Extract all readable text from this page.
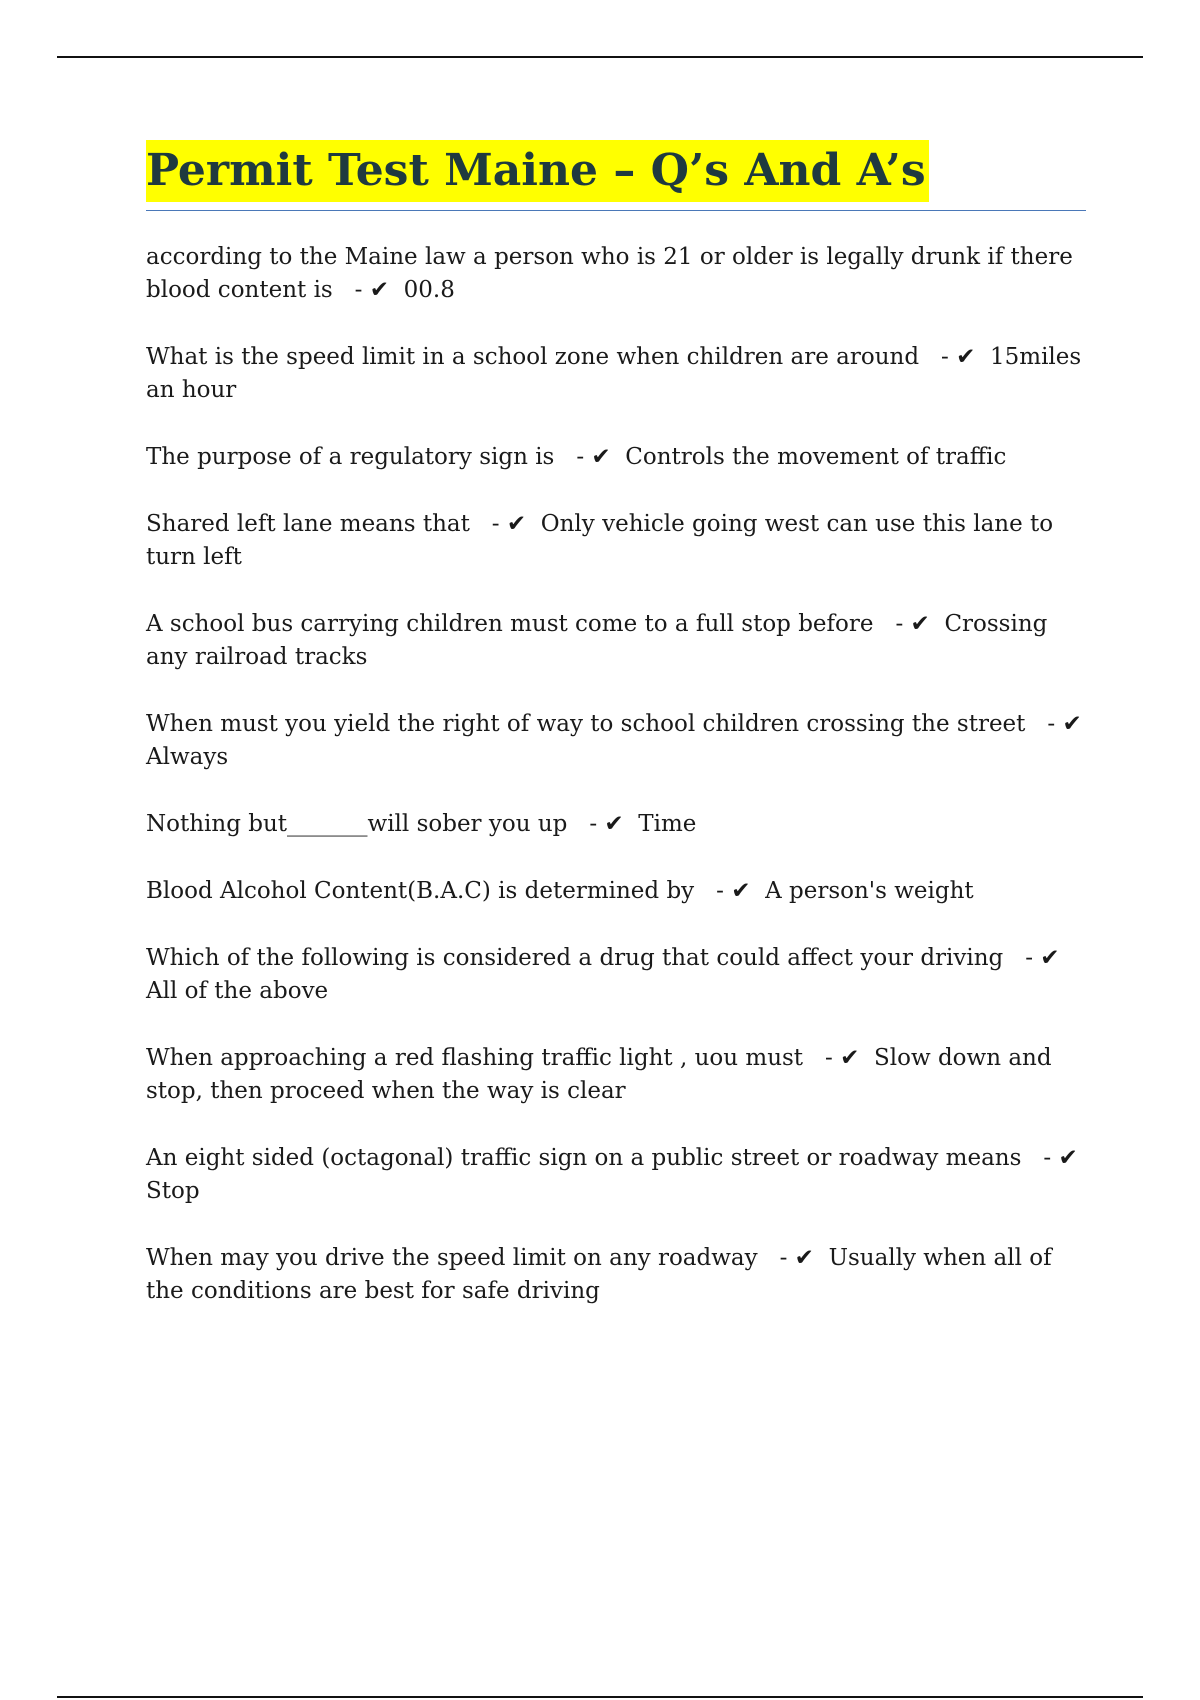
Permit Test Maine – Q’s And A’s
according to the Maine law a person who is 21 or older is legally drunk if there blood content is - ✔ 00.8
What is the speed limit in a school zone when children are around - ✔ 15miles an hour
The purpose of a regulatory sign is - ✔ Controls the movement of traffic
Shared left lane means that - ✔ Only vehicle going west can use this lane to turn left
A school bus carrying children must come to a full stop before - ✔ Crossing any railroad tracks
When must you yield the right of way to school children crossing the street - ✔  Always
Nothing but_______will sober you up - ✔ Time
Blood Alcohol Content(B.A.C) is determined by - ✔ A person's weight
Which of the following is considered a drug that could affect your driving - ✔  All of the above
When approaching a red flashing traffic light , uou must - ✔ Slow down and stop, then proceed when the way is clear
An eight sided (octagonal) traffic sign on a public street or roadway means - ✔  Stop
When may you drive the speed limit on any roadway - ✔ Usually when all of the conditions are best for safe driving
